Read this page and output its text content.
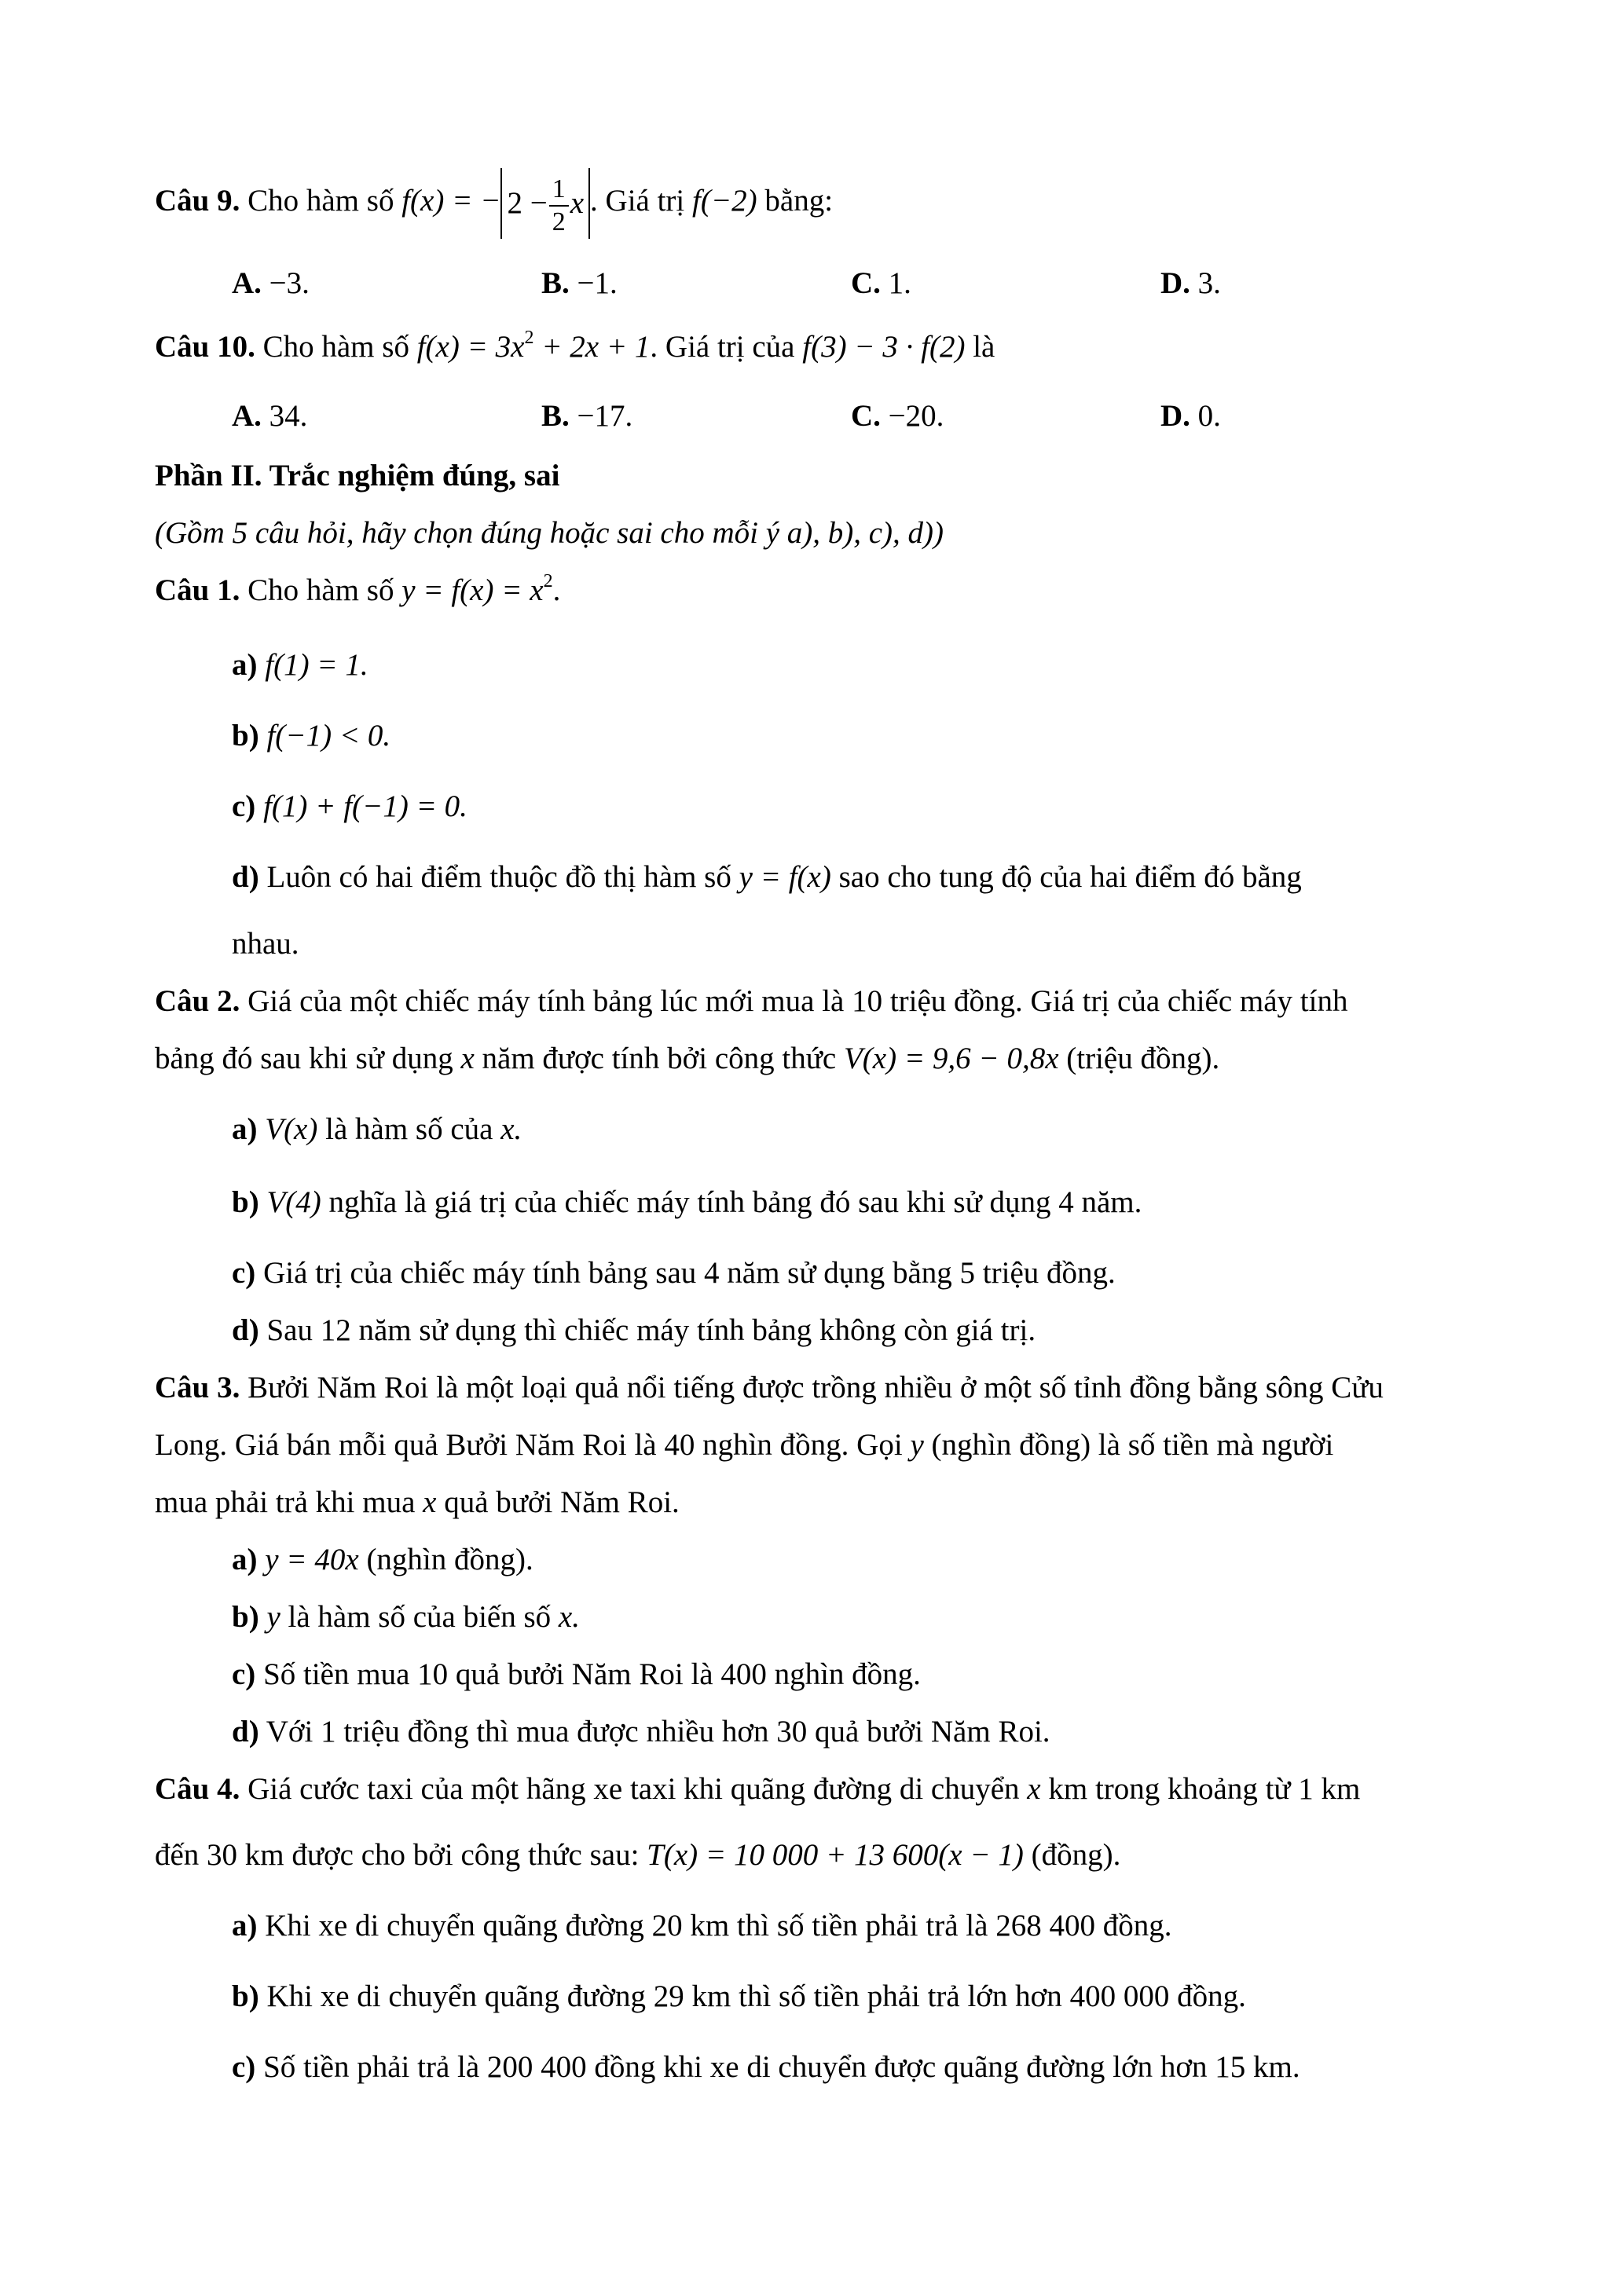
Câu 9. Cho hàm số f(x) = − $2 - \frac{1}{2}$ x . Giá trị f(−2) bằng:
A. −3.	B. −1.	C. 1.	D. 3.
Câu 10. Cho hàm số $f(x) = 3x^2 + 2x + 1$. Giá trị của f(3) − 3 · f(2) là
A. 34.	B. −17.	C. −20.	D. 0.
Phần II. Trắc nghiệm đúng, sai
(Gồm 5 câu hỏi, hãy chọn đúng hoặc sai cho mỗi ý a), b), c), d))
Câu 1. Cho hàm số $y = f(x) = x^2$.
a) f(1) = 1.
b) f(−1) < 0.
c) f(1) + f(−1) = 0.
d) Luôn có hai điểm thuộc đồ thị hàm số y = f(x) sao cho tung độ của hai điểm đó bằng
nhau.
Câu 2. Giá của một chiếc máy tính bảng lúc mới mua là 10 triệu đồng. Giá trị của chiếc máy tính
bảng đó sau khi sử dụng x năm được tính bởi công thức V(x) = 9,6 − 0,8x (triệu đồng).
a) V(x) là hàm số của x.
b) V(4) nghĩa là giá trị của chiếc máy tính bảng đó sau khi sử dụng 4 năm.
c) Giá trị của chiếc máy tính bảng sau 4 năm sử dụng bằng 5 triệu đồng.
d) Sau 12 năm sử dụng thì chiếc máy tính bảng không còn giá trị.
Câu 3. Bưởi Năm Roi là một loại quả nổi tiếng được trồng nhiều ở một số tỉnh đồng bằng sông Cửu
Long. Giá bán mỗi quả Bưởi Năm Roi là 40 nghìn đồng. Gọi y (nghìn đồng) là số tiền mà người
mua phải trả khi mua x quả bưởi Năm Roi.
a) y = 40x (nghìn đồng).
b) y là hàm số của biến số x.
c) Số tiền mua 10 quả bưởi Năm Roi là 400 nghìn đồng.
d) Với 1 triệu đồng thì mua được nhiều hơn 30 quả bưởi Năm Roi.
Câu 4. Giá cước taxi của một hãng xe taxi khi quãng đường di chuyển x km trong khoảng từ 1 km
đến 30 km được cho bởi công thức sau: T(x) = 10 000 + 13 600(x − 1) (đồng).
a) Khi xe di chuyển quãng đường 20 km thì số tiền phải trả là 268 400 đồng.
b) Khi xe di chuyển quãng đường 29 km thì số tiền phải trả lớn hơn 400 000 đồng.
c) Số tiền phải trả là 200 400 đồng khi xe di chuyển được quãng đường lớn hơn 15 km.
